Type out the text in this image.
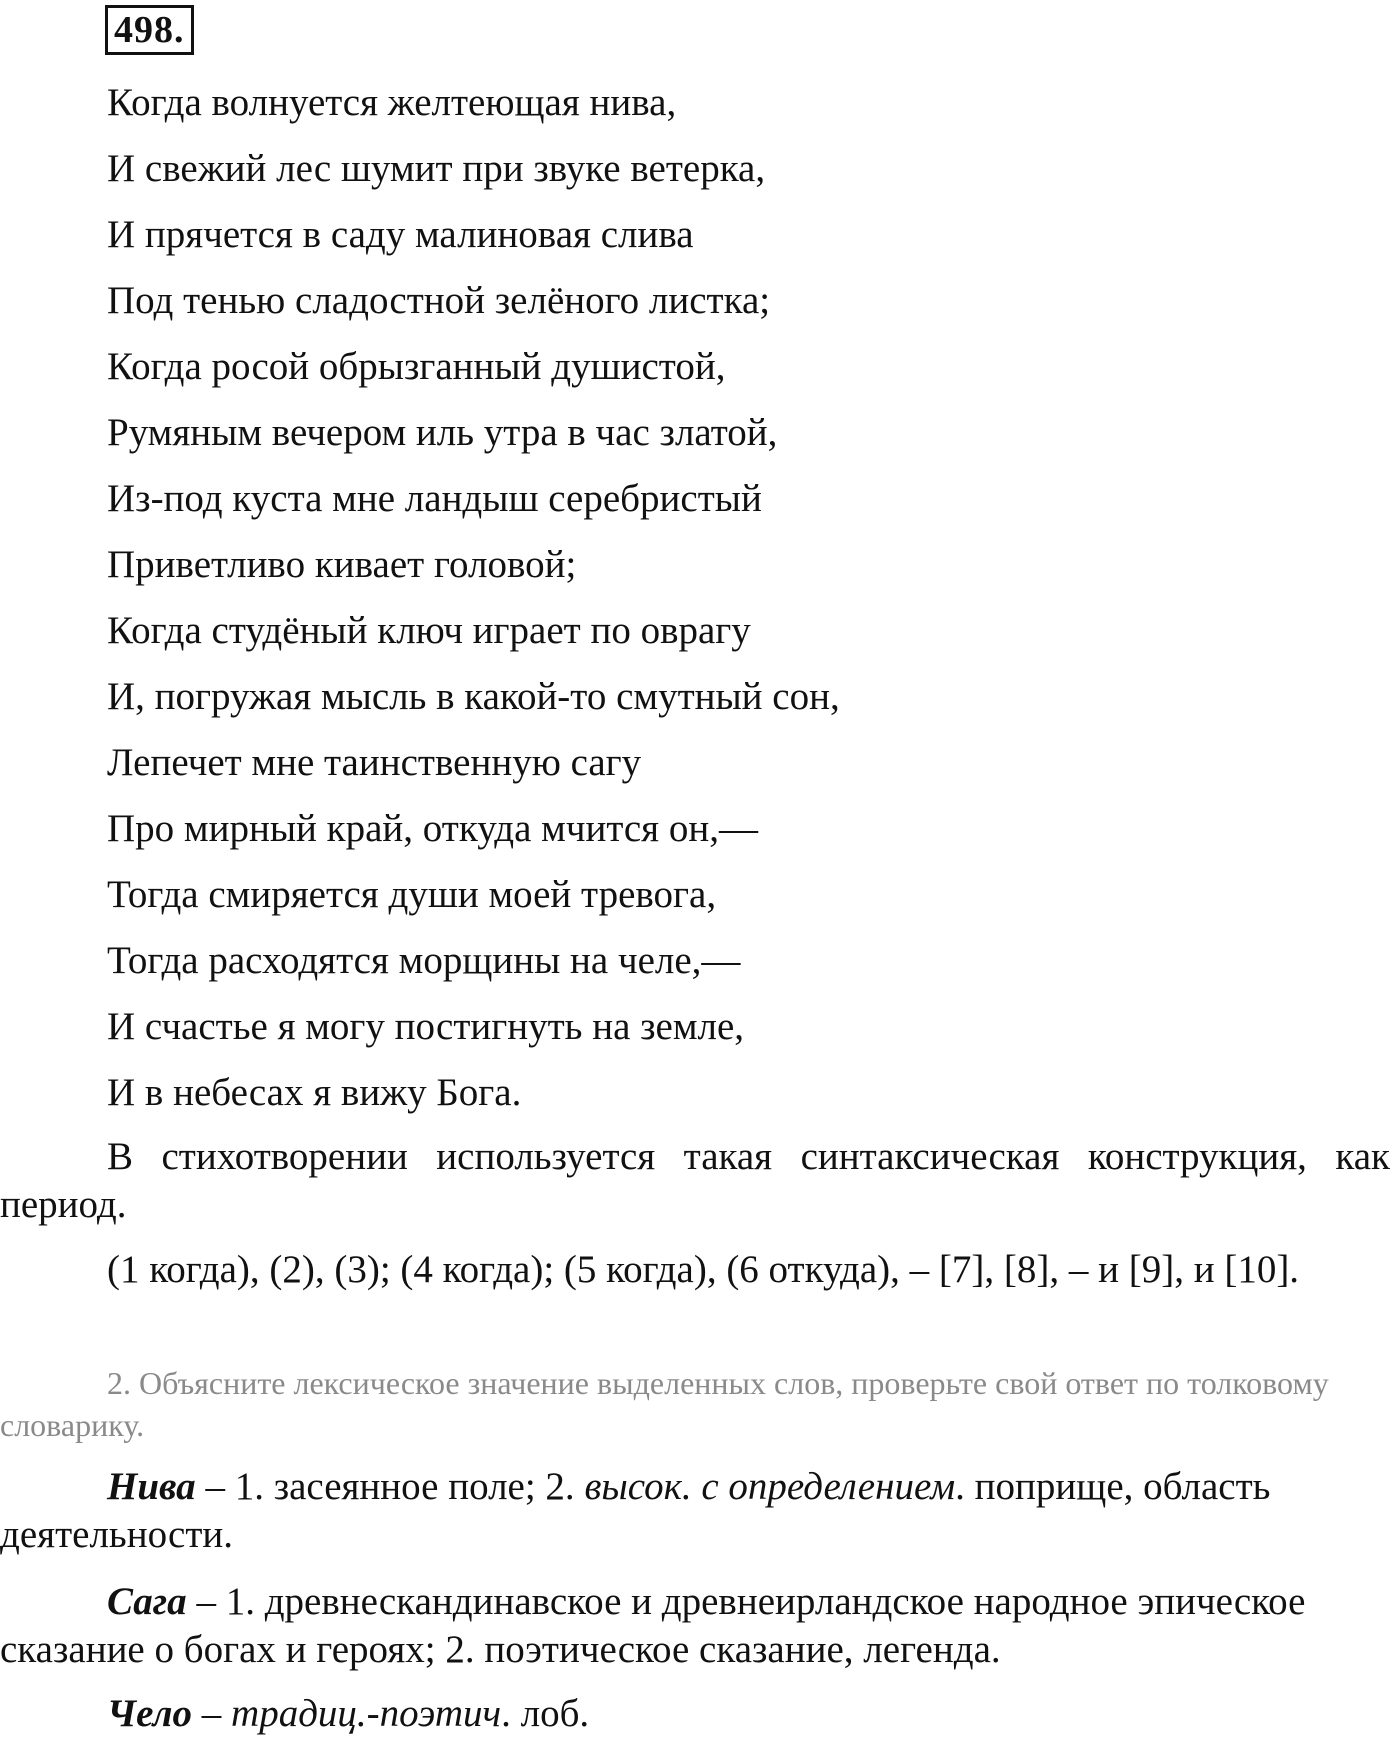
498.
Когда волнуется желтеющая нива,
И свежий лес шумит при звуке ветерка,
И прячется в саду малиновая слива
Под тенью сладостной зелёного листка;
Когда росой обрызганный душистой,
Румяным вечером иль утра в час златой,
Из-под куста мне ландыш серебристый
Приветливо кивает головой;
Когда студёный ключ играет по оврагу
И, погружая мысль в какой-то смутный сон,
Лепечет мне таинственную сагу
Про мирный край, откуда мчится он,—
Тогда смиряется души моей тревога,
Тогда расходятся морщины на челе,—
И счастье я могу постигнуть на земле,
И в небесах я вижу Бога.

В стихотворении используется такая синтаксическая конструкция, как период.

(1 когда), (2), (3); (4 когда); (5 когда), (6 откуда), – [7], [8], – и [9], и [10].

2. Объясните лексическое значение выделенных слов, проверьте свой ответ по толковому словарику.

Нива – 1. засеянное поле; 2. высок. с определением. поприще, область деятельности.

Сага – 1. древнескандинавское и древнеирландское народное эпическое сказание о богах и героях; 2. поэтическое сказание, легенда.

Чело – традиц.-поэтич. лоб.
